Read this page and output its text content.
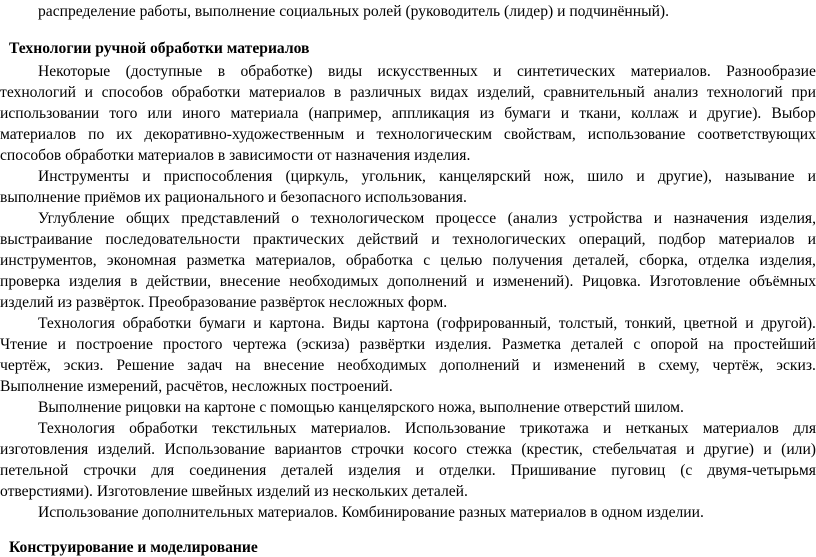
распределение работы, выполнение социальных ролей (руководитель (лидер) и подчинённый).
Технологии ручной обработки материалов
Некоторые (доступные в обработке) виды искусственных и синтетических материалов. Разнообразие
технологий и способов обработки материалов в различных видах изделий, сравнительный анализ технологий при
использовании того или иного материала (например, аппликация из бумаги и ткани, коллаж и другие). Выбор
материалов по их декоративно-художественным и технологическим свойствам, использование соответствующих
способов обработки материалов в зависимости от назначения изделия.
Инструменты и приспособления (циркуль, угольник, канцелярский нож, шило и другие), называние и
выполнение приёмов их рационального и безопасного использования.
Углубление общих представлений о технологическом процессе (анализ устройства и назначения изделия,
выстраивание последовательности практических действий и технологических операций, подбор материалов и
инструментов, экономная разметка материалов, обработка с целью получения деталей, сборка, отделка изделия,
проверка изделия в действии, внесение необходимых дополнений и изменений). Рицовка. Изготовление объёмных
изделий из развёрток. Преобразование развёрток несложных форм.
Технология обработки бумаги и картона. Виды картона (гофрированный, толстый, тонкий, цветной и другой).
Чтение и построение простого чертежа (эскиза) развёртки изделия. Разметка деталей с опорой на простейший
чертёж, эскиз. Решение задач на внесение необходимых дополнений и изменений в схему, чертёж, эскиз.
Выполнение измерений, расчётов, несложных построений.
Выполнение рицовки на картоне с помощью канцелярского ножа, выполнение отверстий шилом.
Технология обработки текстильных материалов. Использование трикотажа и нетканых материалов для
изготовления изделий. Использование вариантов строчки косого стежка (крестик, стебельчатая и другие) и (или)
петельной строчки для соединения деталей изделия и отделки. Пришивание пуговиц (с двумя-четырьмя
отверстиями). Изготовление швейных изделий из нескольких деталей.
Использование дополнительных материалов. Комбинирование разных материалов в одном изделии.
Конструирование и моделирование
